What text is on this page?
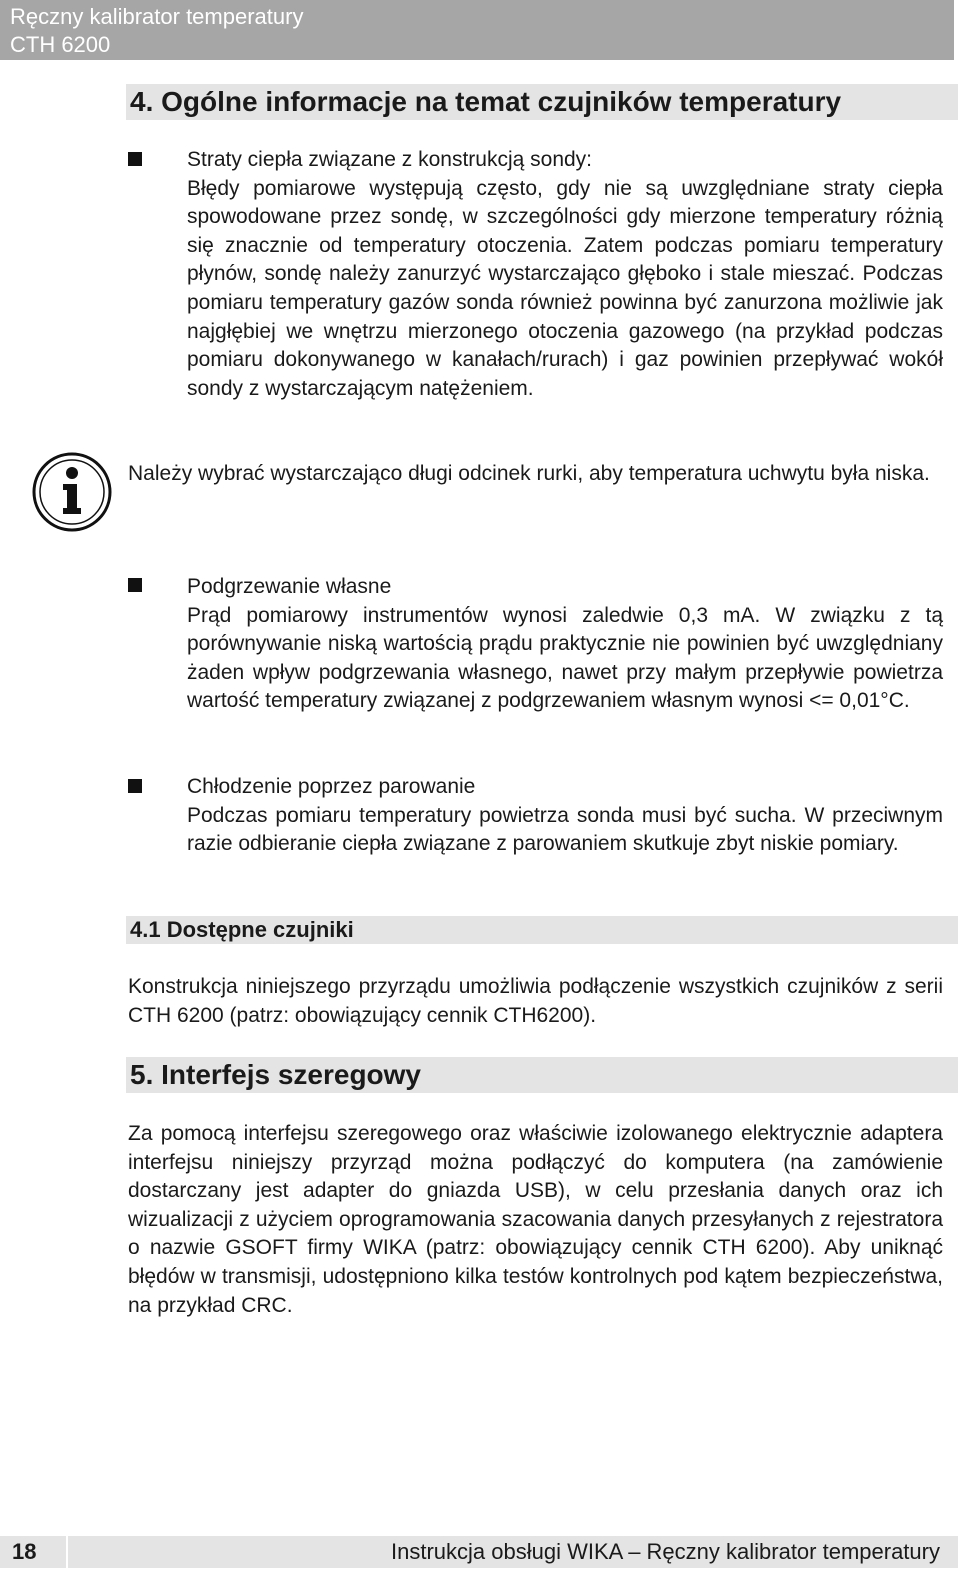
Ręczny kalibrator temperatury
CTH 6200
4. Ogólne informacje na temat czujników temperatury

Straty ciepła związane z konstrukcją sondy:

Błędy pomiarowe występują często, gdy nie są uwzględniane straty ciepła spowodowane przez sondę, w szczególności gdy mierzone temperatury różnią się znacznie od temperatury otoczenia. Zatem podczas pomiaru temperatury płynów, sondę należy zanurzyć wystarczająco głęboko i stale mieszać. Podczas pomiaru temperatury gazów sonda również powinna być zanurzona możliwie jak najgłębiej we wnętrzu mierzonego otoczenia gazowego (na przykład podczas pomiaru dokonywanego w kanałach/rurach) i gaz powinien przepływać wokół sondy z wystarczającym natężeniem.

Należy wybrać wystarczająco długi odcinek rurki, aby temperatura uchwytu była niska.

Podgrzewanie własne

Prąd pomiarowy instrumentów wynosi zaledwie 0,3 mA. W związku z tą porównywanie niską wartością prądu praktycznie nie powinien być uwzględniany żaden wpływ podgrzewania własnego, nawet przy małym przepływie powietrza wartość temperatury związanej z podgrzewaniem własnym wynosi <= 0,01°C.

Chłodzenie poprzez parowanie

Podczas pomiaru temperatury powietrza sonda musi być sucha. W przeciwnym razie odbieranie ciepła związane z parowaniem skutkuje zbyt niskie pomiary.

4.1 Dostępne czujniki

Konstrukcja niniejszego przyrządu umożliwia podłączenie wszystkich czujników z serii CTH 6200 (patrz: obowiązujący cennik CTH6200).

5. Interfejs szeregowy

Za pomocą interfejsu szeregowego oraz właściwie izolowanego elektrycznie adaptera interfejsu niniejszy przyrząd można podłączyć do komputera (na zamówienie dostarczany jest adapter do gniazda USB), w celu przesłania danych oraz ich wizualizacji z użyciem oprogramowania szacowania danych przesyłanych z rejestratora o nazwie GSOFT firmy WIKA (patrz: obowiązujący cennik CTH 6200). Aby uniknąć błędów w transmisji, udostępniono kilka testów kontrolnych pod kątem bezpieczeństwa, na przykład CRC.

18	Instrukcja obsługi WIKA – Ręczny kalibrator temperatury
